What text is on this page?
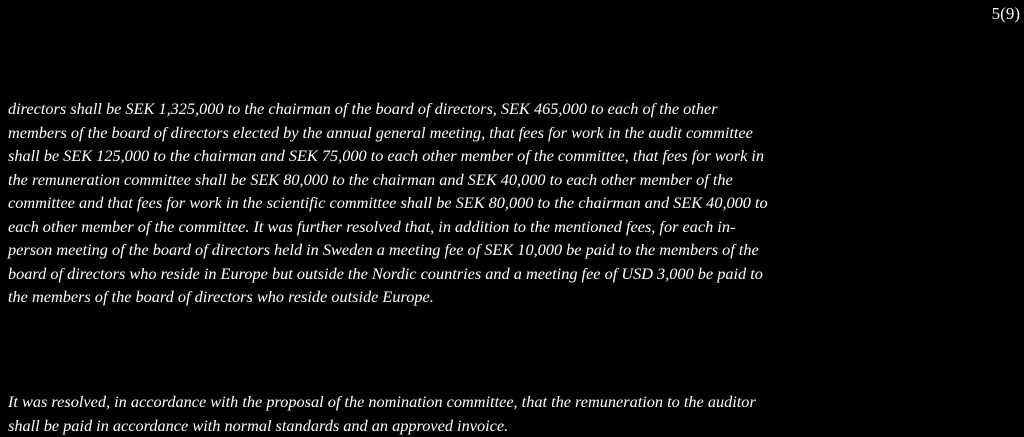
5(9)

directors shall be SEK 1,325,000 to the chairman of the board of directors, SEK 465,000 to each of the other
members of the board of directors elected by the annual general meeting, that fees for work in the audit committee
shall be SEK 125,000 to the chairman and SEK 75,000 to each other member of the committee, that fees for work in
the remuneration committee shall be SEK 80,000 to the chairman and SEK 40,000 to each other member of the
committee and that fees for work in the scientific committee shall be SEK 80,000 to the chairman and SEK 40,000 to
each other member of the committee. It was further resolved that, in addition to the mentioned fees, for each in-
person meeting of the board of directors held in Sweden a meeting fee of SEK 10,000 be paid to the members of the
board of directors who reside in Europe but outside the Nordic countries and a meeting fee of USD 3,000 be paid to
the members of the board of directors who reside outside Europe.

It was resolved, in accordance with the proposal of the nomination committee, that the remuneration to the auditor
shall be paid in accordance with normal standards and an approved invoice.
